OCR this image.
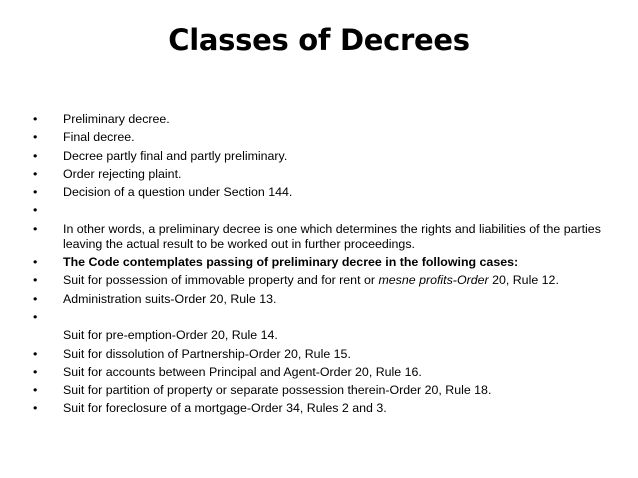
Classes of Decrees
• Preliminary decree.
• Final decree.
• Decree partly final and partly preliminary.
• Order rejecting plaint.
• Decision of a question under Section 144.
•
• In other words, a preliminary decree is one which determines the rights and liabilities of the parties leaving the actual result to be worked out in further proceedings.
• The Code contemplates passing of preliminary decree in the following cases:
• Suit for possession of immovable property and for rent or mesne profits-Order 20, Rule 12.
• Administration suits-Order 20, Rule 13.
•
Suit for pre-emption-Order 20, Rule 14.
• Suit for dissolution of Partnership-Order 20, Rule 15.
• Suit for accounts between Principal and Agent-Order 20, Rule 16.
• Suit for partition of property or separate possession therein-Order 20, Rule 18.
• Suit for foreclosure of a mortgage-Order 34, Rules 2 and 3.
